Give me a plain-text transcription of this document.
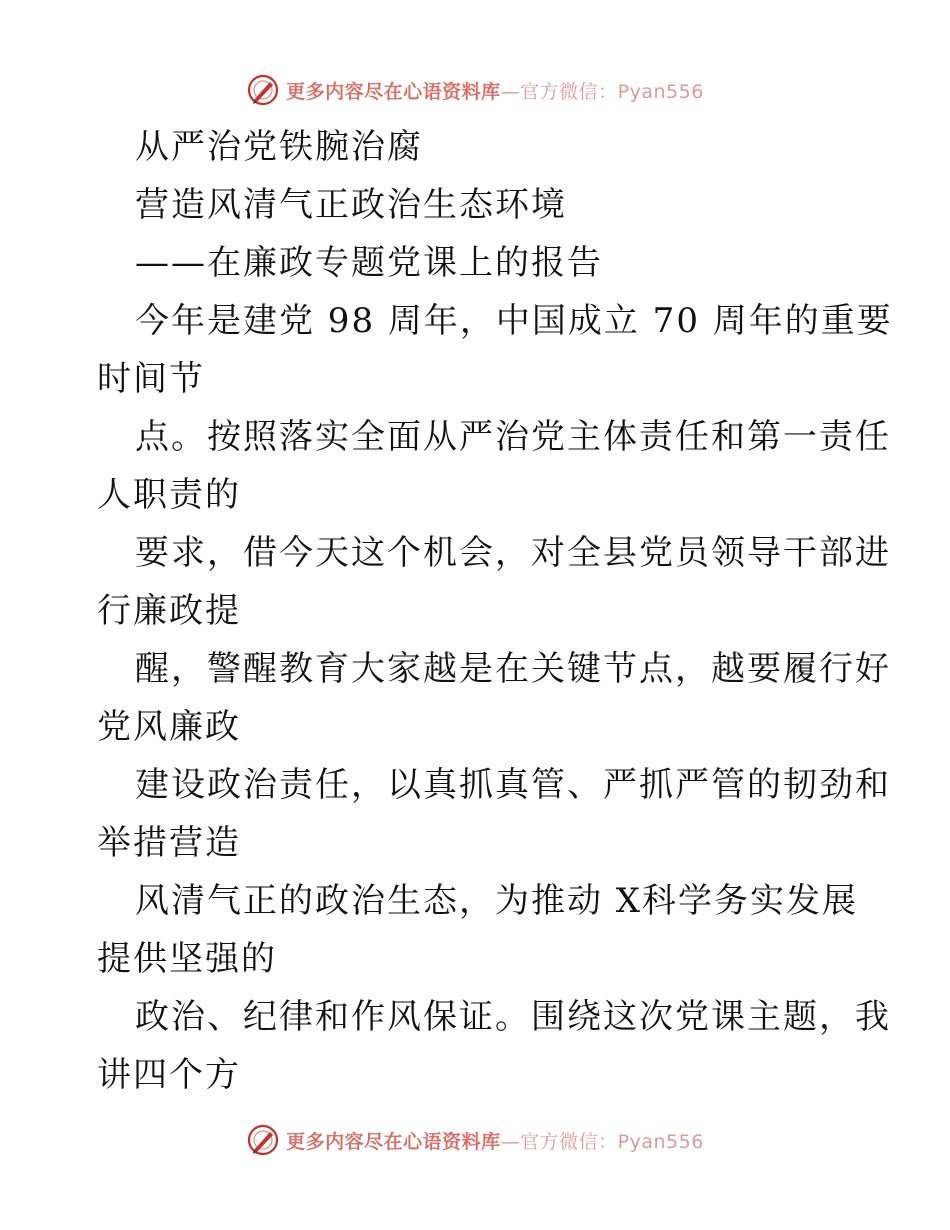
更多内容尽在心语资料库—官方微信：Pyan556
从严治党铁腕治腐
营造风清气正政治生态环境
——在廉政专题党课上的报告
今年是建党 98 周年，中国成立 70 周年的重要
时间节
点。按照落实全面从严治党主体责任和第一责任
人职责的
要求，借今天这个机会，对全县党员领导干部进
行廉政提
醒，警醒教育大家越是在关键节点，越要履行好
党风廉政
建设政治责任，以真抓真管、严抓严管的韧劲和
举措营造
风清气正的政治生态，为推动 X科学务实发展
提供坚强的
政治、纪律和作风保证。围绕这次党课主题，我
讲四个方
更多内容尽在心语资料库—官方微信：Pyan556
